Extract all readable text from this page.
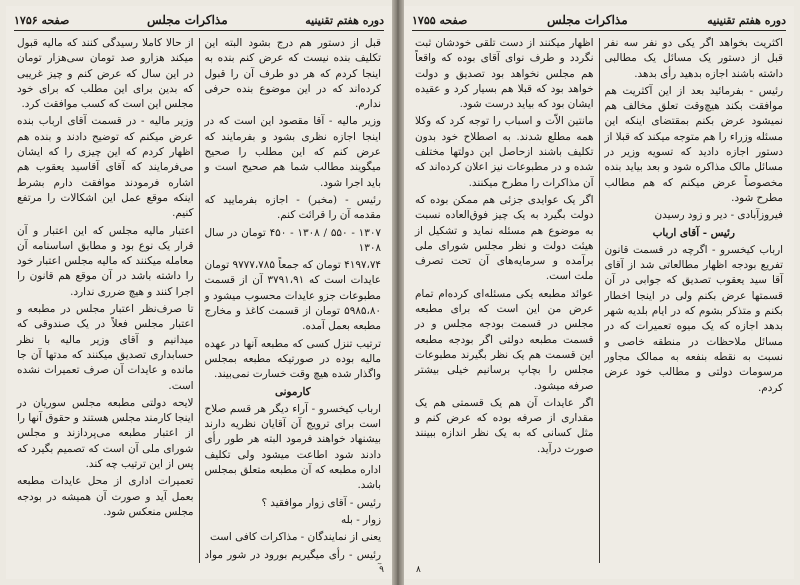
دوره هفتم تقنینیه
مذاکرات مجلس
صفحه ۱۷۵۶

قبل از دستور هم درج بشود البته این تکلیف بنده نیست که عرض کنم بنده به اینجا کردم که هر دو طرف آن را قبول کرده‌اند که در این موضوع بنده حرفی ندارم.

وزیر مالیه - آقا مقصود این است که در اینجا اجازه نظری بشود و بفرمایند که عرض کنم که این مطلب را صحیح میگویند مطالب شما هم صحیح است و باید اجرا شود.

رئیس - (مخبر) - اجازه بفرمایید که مقدمه آن را قرائت کنم.

۱۳۰۷ - ۵۵۰ / ۱۳۰۸ - ۴۵۰ تومان در سال ۱۳۰۸

۴۱۹۷،۷۴ تومان که جمعاً ۹۷۷۷،۷۸۵ تومان عایدات است که ۳۷۹۱،۹۱ آن از قسمت مطبوعات جزو عایدات محسوب میشود و ۵۹۸۵،۸۰ تومان از قسمت کاغذ و مخارج مطبعه بعمل آمده.

ترتیب تنزل کسی که مطبعه آنها در عهده مالیه بوده در صورتیکه مطبعه بمجلس واگذار شده هیچ وقت خسارت نمی‌بیند.

کارمونی

ارباب کیخسرو - آراء دیگر هر قسم صلاح است برای ترویج آن آقایان نظریه دارند بیشنهاد خواهند فرمود البته هر طور رأی دادند شود اطاعت میشود ولی تکلیف اداره مطبعه که آن مطبعه متعلق بمجلس باشد.

رئیس - آقای زوار موافقید ؟

زوار - بله

یعنی از نمایندگان - مذاکرات کافی است

رئیس - رأی میگیریم بورود در شور مواد

از حالا کاملا رسیدگی کنند که مالیه قبول میکند هزارو صد تومان سی‌هزار تومان در این سال که عرض کنم و چیز غریبی که بدین برای این مطلب که برای خود مجلس این است که کسب موافقت کرد.

وزیر مالیه - در قسمت آقای ارباب بنده عرض میکنم که توضیح دادند و بنده هم اظهار کردم که این چیزی را که ایشان می‌فرمایند که آقای آقاسید یعقوب هم اشاره فرمودند موافقت دارم بشرط اینکه موقع عمل این اشکالات را مرتفع کنیم.

اعتبار مالیه مجلس که این اعتبار و آن قرار یک نوع بود و مطابق اساسنامه آن معامله میکنند که مالیه مجلس اعتبار خود را داشته باشد در آن موقع هم قانون را اجرا کنند و هیچ ضرری ندارد.

تا صرف‌نظر اعتبار مجلس در مطبعه و اعتبار مجلس فعلاً در یک صندوقی که میدانیم و آقای وزیر مالیه با نظر حسابداری تصدیق میکنند که مدتها آن جا مانده و عایدات آن صرف تعمیرات نشده است.

لایحه دولتی مطبعه مجلس سوریان در اینجا کارمند مجلس هستند و حقوق آنها را از اعتبار مطبعه می‌پردازند و مجلس شورای ملی آن است که تصمیم بگیرد که پس از این ترتیب چه کند.

تعمیرات اداری از محل عایدات مطبعه بعمل آید و صورت آن همیشه در بودجه مجلس منعکس شود.

۹
دوره هفتم تقنینیه
مذاکرات مجلس
صفحه ۱۷۵۵

اکثریت بخواهد اگر یکی دو نفر سه نفر قبل از دستور یک مسائل یک مطالبی داشته باشند اجازه بدهید رأی بدهد.

رئیس - بفرمائید بعد از این آکثریت هم موافقت بکند هیچ‌وقت تعلق مخالف هم نمیشود عرض بکنم بمقتضای اینکه این مسئله وزراء را هم متوجه میکند که قبلا از دستور اجازه دادید که تسویه وزیر در مسائل مالک مذاکره شود و بعد بیاید بنده مخصوصاً عرض میکنم که هم مطالب مطرح شود.

فیروزآبادی - دیر و زود رسیدن

رئیس - آقای ارباب

ارباب کیخسرو - اگرچه در قسمت قانون تفریع بودجه اظهار مطالعاتی شد از آقای آقا سید یعقوب تصدیق که جوابی در آن قسمتها عرض بکنم ولی در اینجا اخطار بکنم و متذکر بشوم که در ایام بلدیه شهر بدهد اجازه که یک میوه تعمیرات که در مسائل ملاحظات در منطقه خاصی و نسبت به نقطه بنفعه به ممالک مجاور مرسومات دولتی و مطالب خود عرض کردم.

اظهار میکنند از دست تلقی خودشان ثبت نگردد و طرف نوای آقای بوده که واقعاً هم مجلس نخواهد بود تصدیق و دولت خواهد بود که قبلا هم بسیار کرد و عقیده ایشان بود که بیاید درست شود.

مانتین الاّت و اسباب را توجه کرد که وکلا همه مطلع شدند. به اصطلاح خود بدون تکلیف باشند ازحاصل این دولتها مختلف شده و در مطبوعات نیز اعلان کرده‌اند که آن مذاکرات را مطرح میکنند.

اگر یک عوایدی جزئی هم ممکن بوده که دولت بگیرد به یک چیز فوق‌العاده نسبت به موضوع هم مسئله نماید و تشکیل از هیئت دولت و نظر مجلس شورای ملی برآمده و سرمایه‌های آن تحت تصرف ملت است.

عوائد مطبعه یکی مسئله‌ای کرده‌ام تمام عرض من این است که برای مطبعه مجلس در قسمت بودجه مجلس و در قسمت مطبعه دولتی اگر بودجه مطبعه این قسمت هم یک نظر بگیرند مطبوعات مجلس را بچاپ برسانیم خیلی بیشتر صرفه میشود.

اگر عایدات آن هم یک قسمتی هم یک مقداری از صرفه بوده که عرض کنم و مثل کسانی که به یک نظر اندازه ببینند صورت درآید.

۸
